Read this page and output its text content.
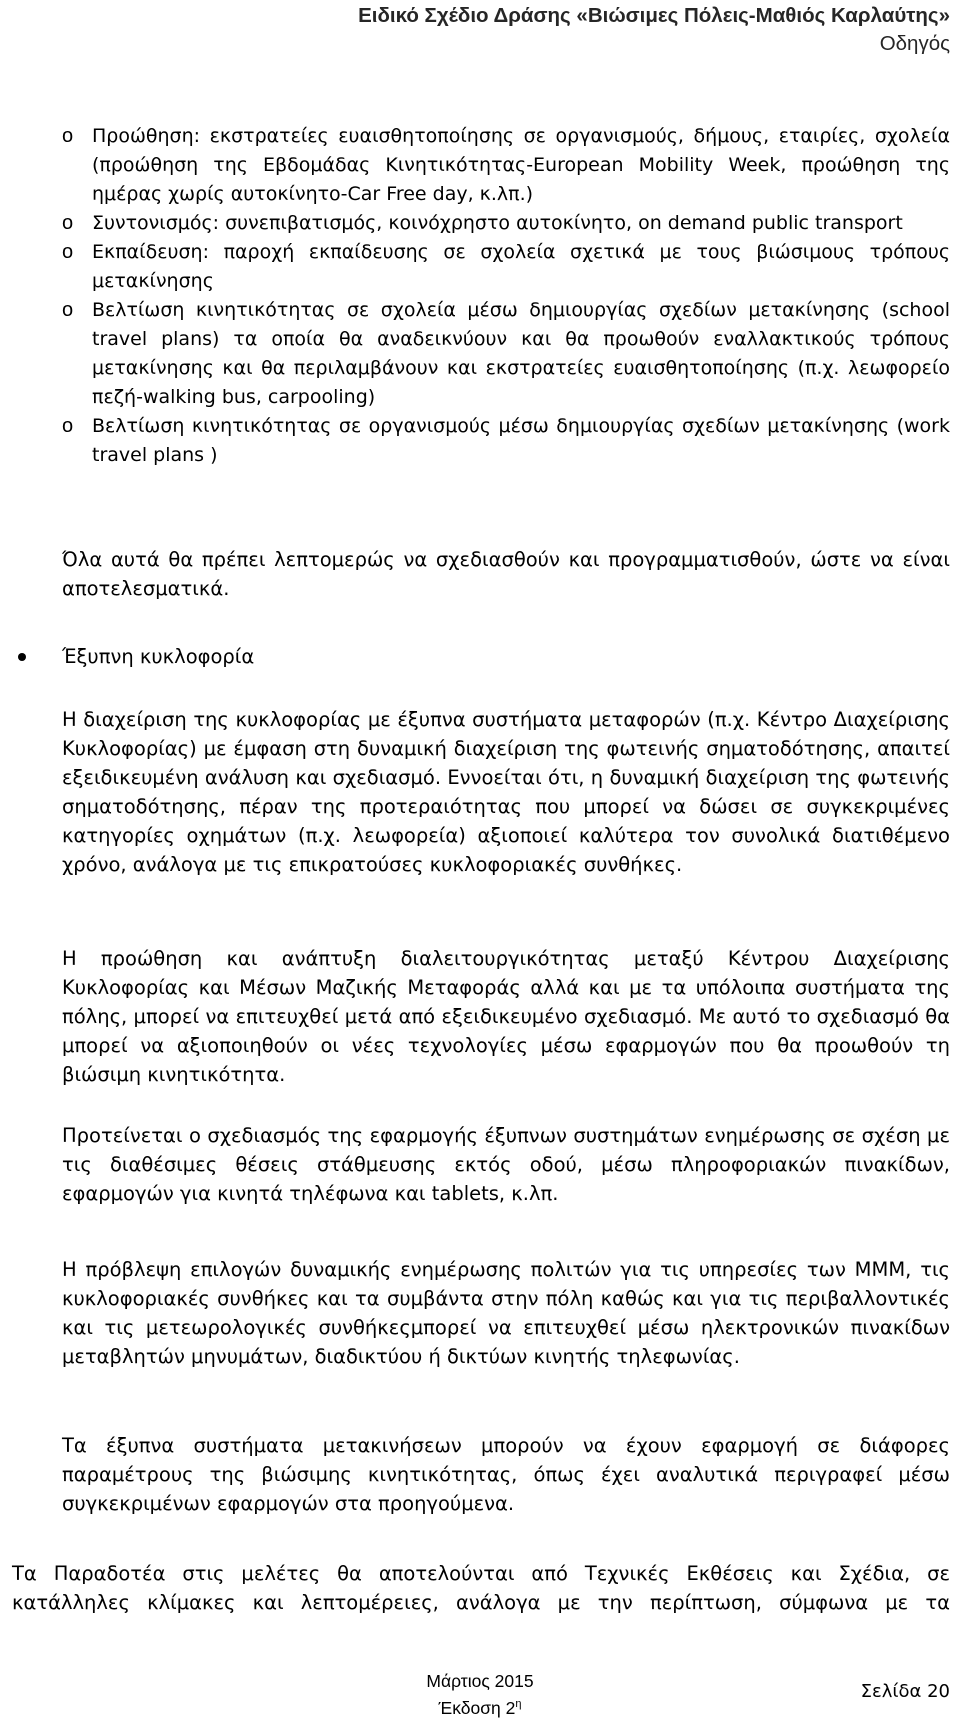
Ειδικό Σχέδιο Δράσης «Βιώσιμες Πόλεις-Μαθιός Καρλαύτης»
Οδηγός
o Προώθηση: εκστρατείες ευαισθητοποίησης σε οργανισμούς, δήμους, εταιρίες, σχολεία (προώθηση της Εβδομάδας Κινητικότητας-European Mobility Week, προώθηση της ημέρας χωρίς αυτοκίνητο-Car Free day, κ.λπ.)
o Συντονισμός: συνεπιβατισμός, κοινόχρηστο αυτοκίνητο, on demand public transport
o Εκπαίδευση: παροχή εκπαίδευσης σε σχολεία σχετικά με τους βιώσιμους τρόπους μετακίνησης
o Βελτίωση κινητικότητας σε σχολεία μέσω δημιουργίας σχεδίων μετακίνησης (school travel plans) τα οποία θα αναδεικνύουν και θα προωθούν εναλλακτικούς τρόπους μετακίνησης και θα περιλαμβάνουν και εκστρατείες ευαισθητοποίησης (π.χ. λεωφορείο πεζή-walking bus, carpooling)
o Βελτίωση κινητικότητας σε οργανισμούς μέσω δημιουργίας σχεδίων μετακίνησης (work travel plans )

Όλα αυτά θα πρέπει λεπτομερώς να σχεδιασθούν και προγραμματισθούν, ώστε να είναι αποτελεσματικά.

Έξυπνη κυκλοφορία

Η διαχείριση της κυκλοφορίας με έξυπνα συστήματα μεταφορών (π.χ. Κέντρο Διαχείρισης Κυκλοφορίας) με έμφαση στη δυναμική διαχείριση της φωτεινής σηματοδότησης, απαιτεί εξειδικευμένη ανάλυση και σχεδιασμό. Εννοείται ότι, η δυναμική διαχείριση της φωτεινής σηματοδότησης, πέραν της προτεραιότητας που μπορεί να δώσει σε συγκεκριμένες κατηγορίες οχημάτων (π.χ. λεωφορεία) αξιοποιεί καλύτερα τον συνολικά διατιθέμενο χρόνο, ανάλογα με τις επικρατούσες κυκλοφοριακές συνθήκες.

Η προώθηση και ανάπτυξη διαλειτουργικότητας μεταξύ Κέντρου Διαχείρισης Κυκλοφορίας και Μέσων Μαζικής Μεταφοράς αλλά και με τα υπόλοιπα συστήματα της πόλης, μπορεί να επιτευχθεί μετά από εξειδικευμένο σχεδιασμό. Με αυτό το σχεδιασμό θα μπορεί να αξιοποιηθούν οι νέες τεχνολογίες μέσω εφαρμογών που θα προωθούν τη βιώσιμη κινητικότητα.

Προτείνεται ο σχεδιασμός της εφαρμογής έξυπνων συστημάτων ενημέρωσης σε σχέση με τις διαθέσιμες θέσεις στάθμευσης εκτός οδού, μέσω πληροφοριακών πινακίδων, εφαρμογών για κινητά τηλέφωνα και tablets, κ.λπ.

Η πρόβλεψη επιλογών δυναμικής ενημέρωσης πολιτών για τις υπηρεσίες των ΜΜΜ, τις κυκλοφοριακές συνθήκες και τα συμβάντα στην πόλη καθώς και για τις περιβαλλοντικές και τις μετεωρολογικές συνθήκεςμπορεί να επιτευχθεί μέσω ηλεκτρονικών πινακίδων μεταβλητών μηνυμάτων, διαδικτύου ή δικτύων κινητής τηλεφωνίας.

Τα έξυπνα συστήματα μετακινήσεων μπορούν να έχουν εφαρμογή σε διάφορες παραμέτρους της βιώσιμης κινητικότητας, όπως έχει αναλυτικά περιγραφεί μέσω συγκεκριμένων εφαρμογών στα προηγούμενα.

Τα Παραδοτέα στις μελέτες θα αποτελούνται από Τεχνικές Εκθέσεις και Σχέδια, σε κατάλληλες κλίμακες και λεπτομέρειες, ανάλογα με την περίπτωση, σύμφωνα με τα

Μάρτιος 2015
Έκδοση $2^\eta$
Σελίδα 20
